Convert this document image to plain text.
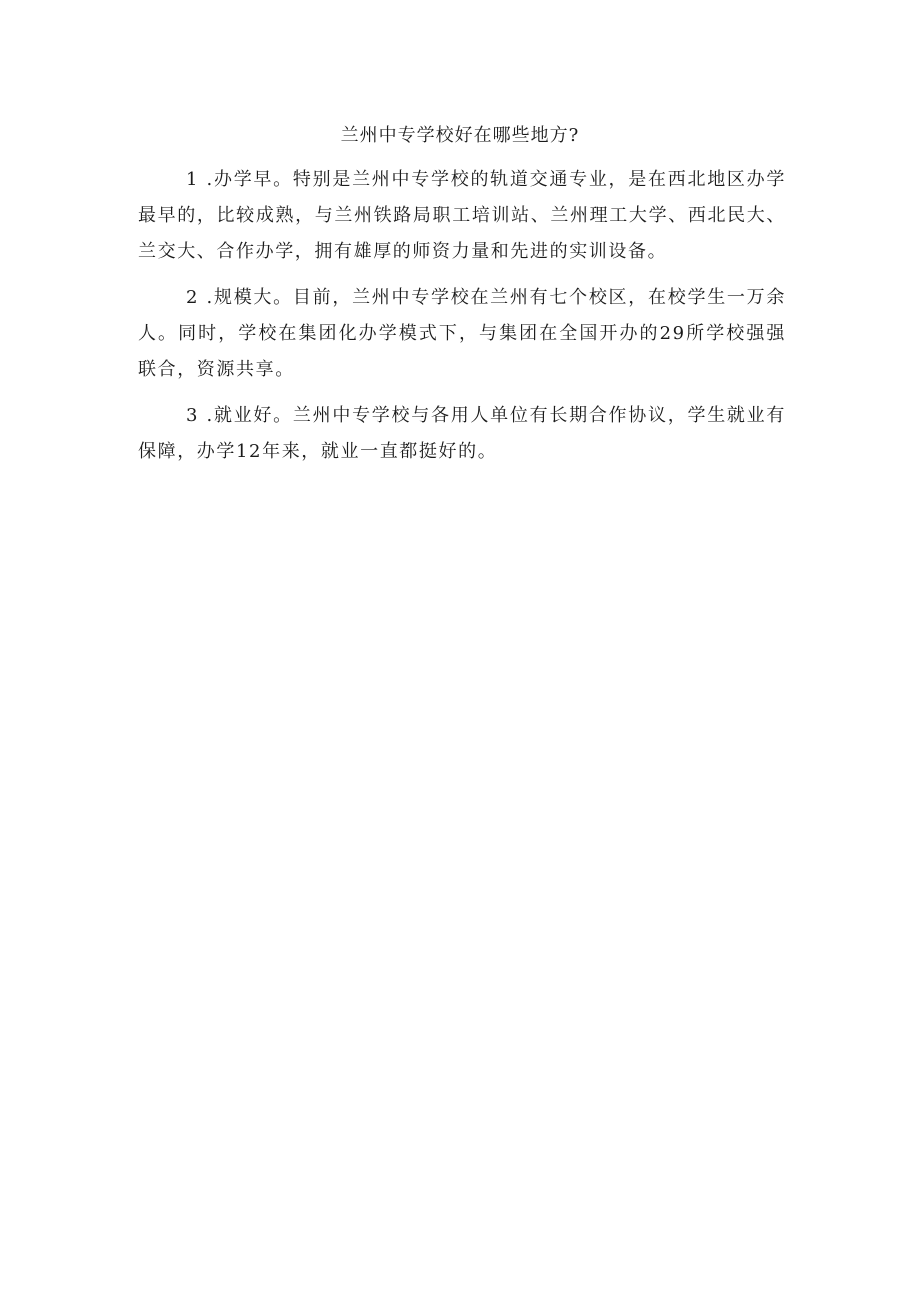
兰州中专学校好在哪些地方?

1 .办学早。特别是兰州中专学校的轨道交通专业，是在西北地区办学最早的，比较成熟，与兰州铁路局职工培训站、兰州理工大学、西北民大、兰交大、合作办学，拥有雄厚的师资力量和先进的实训设备。

2 .规模大。目前，兰州中专学校在兰州有七个校区，在校学生一万余人。同时，学校在集团化办学模式下，与集团在全国开办的29所学校强强联合，资源共享。

3 .就业好。兰州中专学校与各用人单位有长期合作协议，学生就业有保障，办学12年来，就业一直都挺好的。
